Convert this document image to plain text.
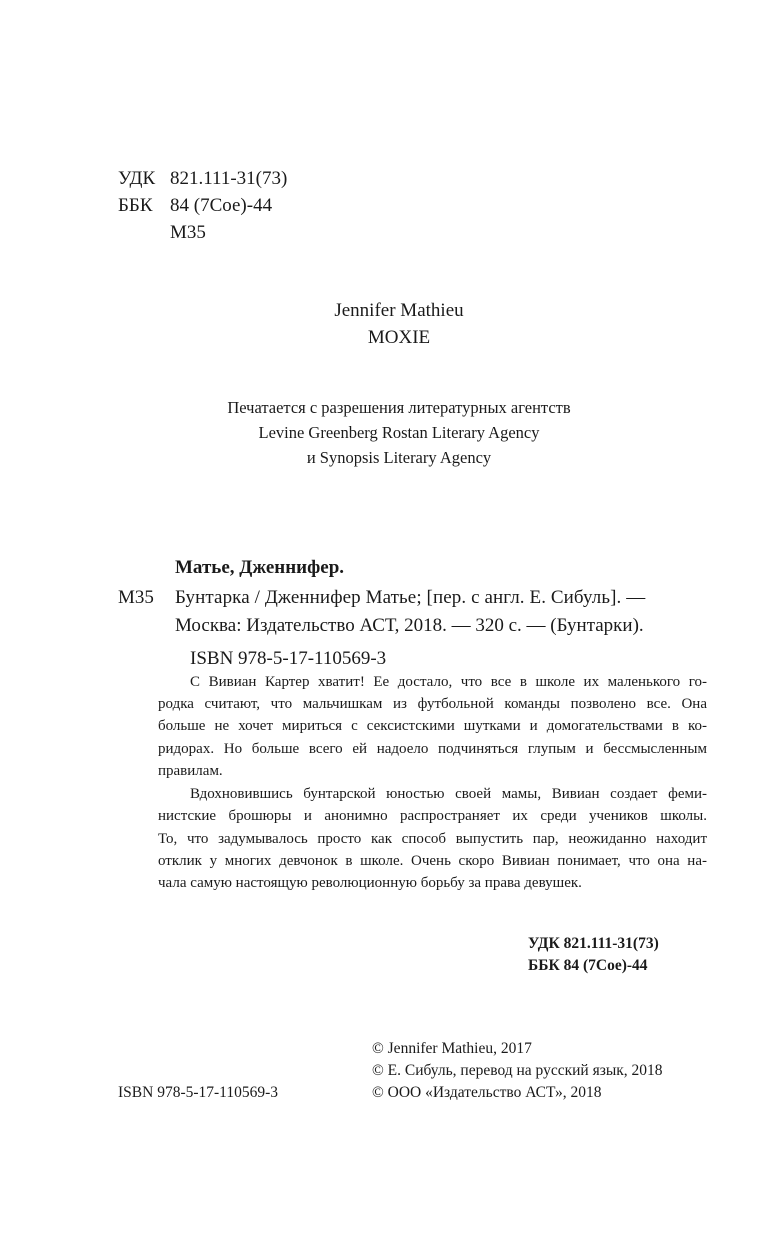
УДК 821.111-31(73)
ББК 84 (7Сое)-44
М35
Jennifer Mathieu
MOXIE
Печатается с разрешения литературных агентств
Levine Greenberg Rostan Literary Agency
и Synopsis Literary Agency
Матье, Дженнифер.
М35 Бунтарка / Дженнифер Матье; [пер. с англ. Е. Сибуль]. —
Москва: Издательство АСТ, 2018. — 320 с. — (Бунтарки).
ISBN 978-5-17-110569-3
С Вивиан Картер хватит! Ее достало, что все в школе их маленького го-
родка считают, что мальчишкам из футбольной команды позволено все. Она
больше не хочет мириться с сексистскими шутками и домогательствами в ко-
ридорах. Но больше всего ей надоело подчиняться глупым и бессмысленным
правилам.
Вдохновившись бунтарской юностью своей мамы, Вивиан создает феми-
нистские брошюры и анонимно распространяет их среди учеников школы.
То, что задумывалось просто как способ выпустить пар, неожиданно находит
отклик у многих девчонок в школе. Очень скоро Вивиан понимает, что она на-
чала самую настоящую революционную борьбу за права девушек.
УДК 821.111-31(73)
ББК 84 (7Сое)-44
© Jennifer Mathieu, 2017
© Е. Сибуль, перевод на русский язык, 2018
© ООО «Издательство АСТ», 2018
ISBN 978-5-17-110569-3
